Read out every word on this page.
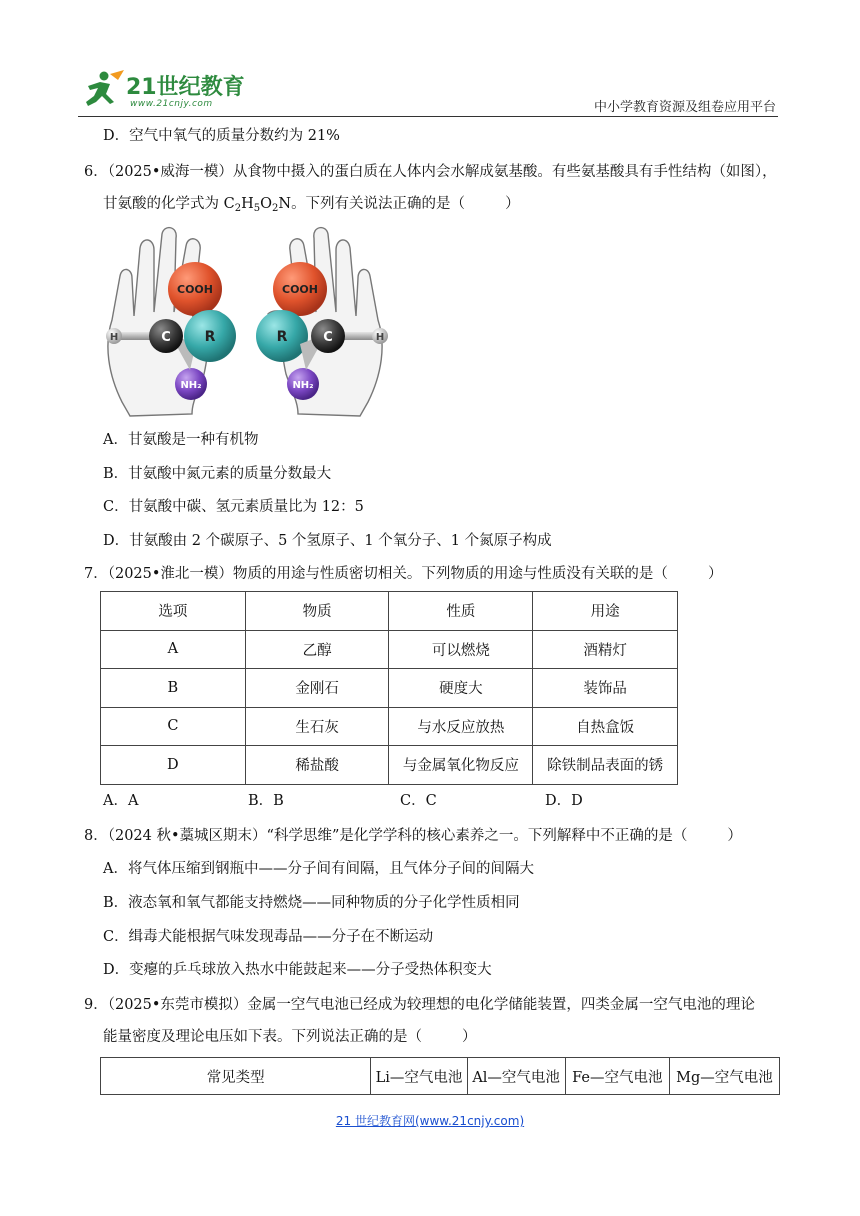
21世纪教育
www.21cnjy.com	中小学教育资源及组卷应用平台
D．空气中氧气的质量分数约为 21%
6．（2025•威海一模）从食物中摄入的蛋白质在人体内会水解成氨基酸。有些氨基酸具有手性结构（如图），
甘氨酸的化学式为 $C_2H_5O_2N$。下列有关说法正确的是（	）
H
COOH
NH₂
C R	H
COOH
NH₂
R	C
A．甘氨酸是一种有机物
B．甘氨酸中氮元素的质量分数最大
C．甘氨酸中碳、氢元素质量比为 12：5
D．甘氨酸由 2 个碳原子、5 个氢原子、1 个氧分子、1 个氮原子构成
7．（2025•淮北一模）物质的用途与性质密切相关。下列物质的用途与性质没有关联的是（	）
选项	物质	性质	用途
A	乙醇	可以燃烧	酒精灯
B	金刚石	硬度大	装饰品
C	生石灰	与水反应放热	自热盒饭
D	稀盐酸	与金属氧化物反应	除铁制品表面的锈
A．A	B．B	C．C	D．D
8．（2024 秋•藁城区期末）“科学思维”是化学学科的核心素养之一。下列解释中不正确的是（	）
A．将气体压缩到钢瓶中——分子间有间隔，且气体分子间的间隔大
B．液态氧和氧气都能支持燃烧——同种物质的分子化学性质相同
C．缉毒犬能根据气味发现毒品——分子在不断运动
D．变瘪的乒乓球放入热水中能鼓起来——分子受热体积变大
9．（2025•东莞市模拟）金属一空气电池已经成为较理想的电化学储能装置，四类金属一空气电池的理论
能量密度及理论电压如下表。下列说法正确的是（	）
常见类型	Li—空气电池	Al—空气电池	Fe—空气电池	Mg—空气电池
21 世纪教育网(www.21cnjy.com)
